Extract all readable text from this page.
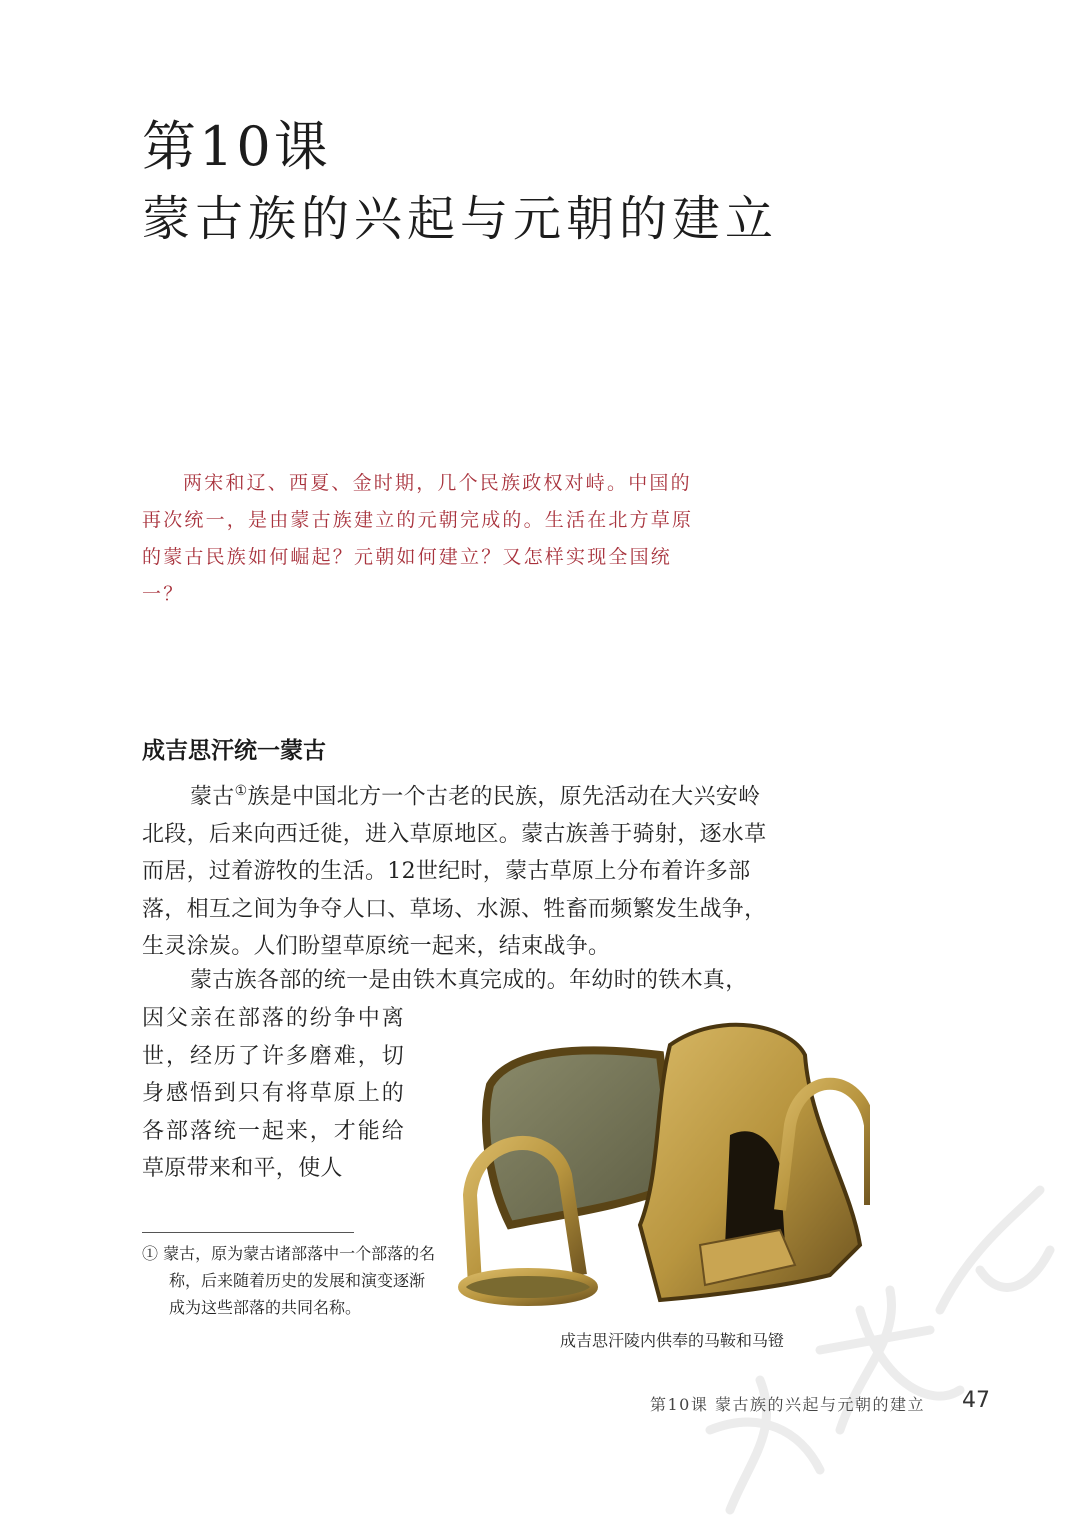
第10课
蒙古族的兴起与元朝的建立

两宋和辽、西夏、金时期，几个民族政权对峙。中国的再次统一，是由蒙古族建立的元朝完成的。生活在北方草原的蒙古民族如何崛起？元朝如何建立？又怎样实现全国统一？

成吉思汗统一蒙古

蒙古①族是中国北方一个古老的民族，原先活动在大兴安岭北段，后来向西迁徙，进入草原地区。蒙古族善于骑射，逐水草而居，过着游牧的生活。12世纪时，蒙古草原上分布着许多部落，相互之间为争夺人口、草场、水源、牲畜而频繁发生战争，生灵涂炭。人们盼望草原统一起来，结束战争。

蒙古族各部的统一是由铁木真完成的。年幼时的铁木真，

因父亲在部落的纷争中离世，经历了许多磨难，切身感悟到只有将草原上的各部落统一起来，才能给草原带来和平，使人

① 蒙古，原为蒙古诸部落中一个部落的名称，后来随着历史的发展和演变逐渐成为这些部落的共同名称。

成吉思汗陵内供奉的马鞍和马镫
第10课 蒙古族的兴起与元朝的建立 47
